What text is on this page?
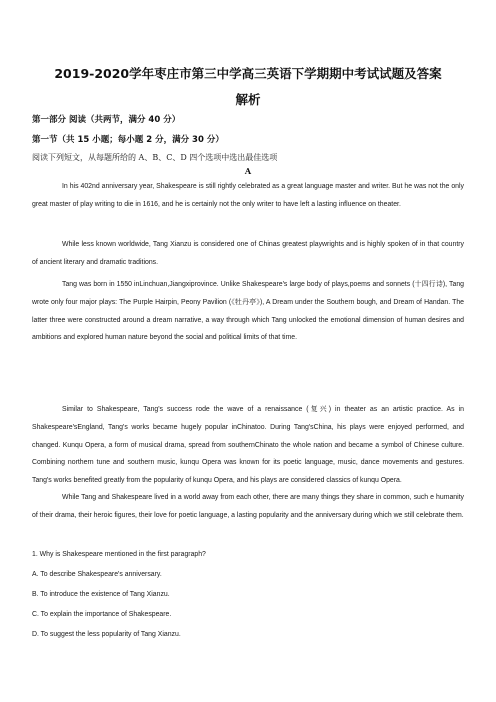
2019-2020学年枣庄市第三中学高三英语下学期期中考试试题及答案
解析
第一部分 阅读（共两节，满分 40 分）
第一节（共 15 小题；每小题 2 分，满分 30 分）
阅读下列短文，从每题所给的 A、B、C、D 四个选项中选出最佳选项
A
In his 402nd anniversary year, Shakespeare is still rightly celebrated as a great language master and writer. But he was not the only great master of play writing to die in 1616, and he is certainly not the only writer to have left a lasting influence on theater.
While less known worldwide, Tang Xianzu is considered one of Chinas greatest playwrights and is highly spoken of in that country of ancient literary and dramatic traditions.
Tang was born in 1550 inLinchuan,Jiangxiprovince. Unlike Shakespeare's large body of plays,poems and sonnets (十四行诗), Tang wrote only four major plays: The Purple Hairpin, Peony Pavilion (《牡丹亭》), A Dream under the Southern bough, and Dream of Handan. The latter three were constructed around a dream narrative, a way through which Tang unlocked the emotional dimension of human desires and ambitions and explored human nature beyond the social and political limits of that time.
Similar to Shakespeare, Tang's success rode the wave of a renaissance (复兴) in theater as an artistic practice. As in Shakespeare'sEngland, Tang's works became hugely popular inChinatoo. During Tang'sChina, his plays were enjoyed performed, and changed. Kunqu Opera, a form of musical drama, spread from southernChinato the whole nation and became a symbol of Chinese culture. Combining northern tune and southern music, kunqu Opera was known for its poetic language, music, dance movements and gestures. Tang's works benefited greatly from the popularity of kunqu Opera, and his plays are considered classics of kunqu Opera.
While Tang and Shakespeare lived in a world away from each other, there are many things they share in common, such e humanity of their drama, their heroic figures, their love for poetic language, a lasting popularity and the anniversary during which we still celebrate them.
1. Why is Shakespeare mentioned in the first paragraph?
A. To describe Shakespeare's anniversary.
B. To introduce the existence of Tang Xianzu.
C. To explain the importance of Shakespeare.
D. To suggest the less popularity of Tang Xianzu.
